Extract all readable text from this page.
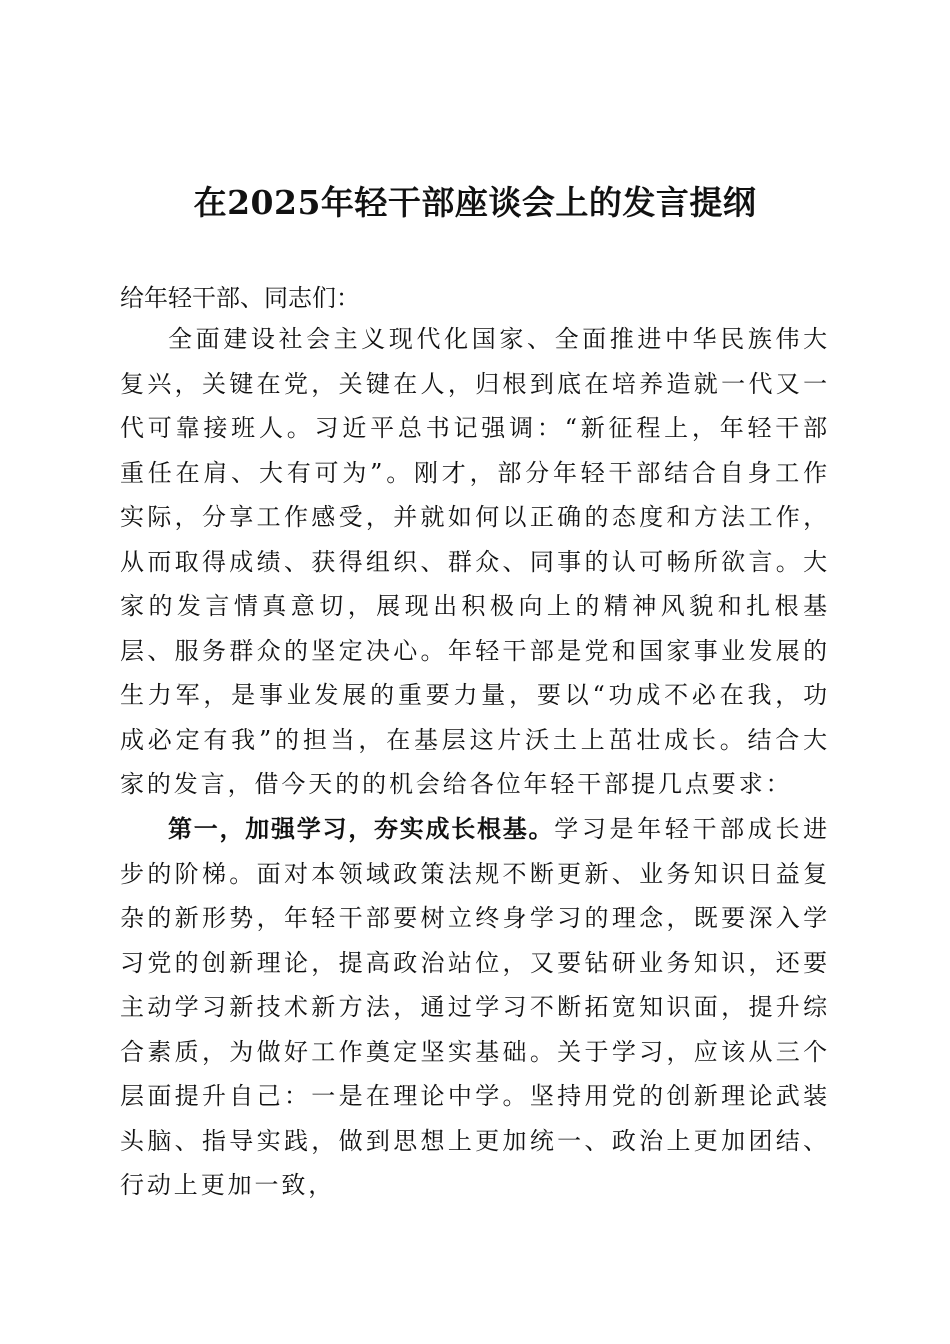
在2025年轻干部座谈会上的发言提纲

给年轻干部、同志们：

全面建设社会主义现代化国家、全面推进中华民族伟大复兴，关键在党，关键在人，归根到底在培养造就一代又一代可靠接班人。习近平总书记强调：“新征程上，年轻干部重任在肩、大有可为”。刚才，部分年轻干部结合自身工作实际，分享工作感受，并就如何以正确的态度和方法工作，从而取得成绩、获得组织、群众、同事的认可畅所欲言。大家的发言情真意切，展现出积极向上的精神风貌和扎根基层、服务群众的坚定决心。年轻干部是党和国家事业发展的生力军，是事业发展的重要力量，要以“功成不必在我，功成必定有我”的担当，在基层这片沃土上茁壮成长。结合大家的发言，借今天的的机会给各位年轻干部提几点要求：

第一，加强学习，夯实成长根基。学习是年轻干部成长进步的阶梯。面对本领域政策法规不断更新、业务知识日益复杂的新形势，年轻干部要树立终身学习的理念，既要深入学习党的创新理论，提高政治站位，又要钻研业务知识，还要主动学习新技术新方法，通过学习不断拓宽知识面，提升综合素质，为做好工作奠定坚实基础。关于学习，应该从三个层面提升自己：一是在理论中学。坚持用党的创新理论武装头脑、指导实践，做到思想上更加统一、政治上更加团结、行动上更加一致，
